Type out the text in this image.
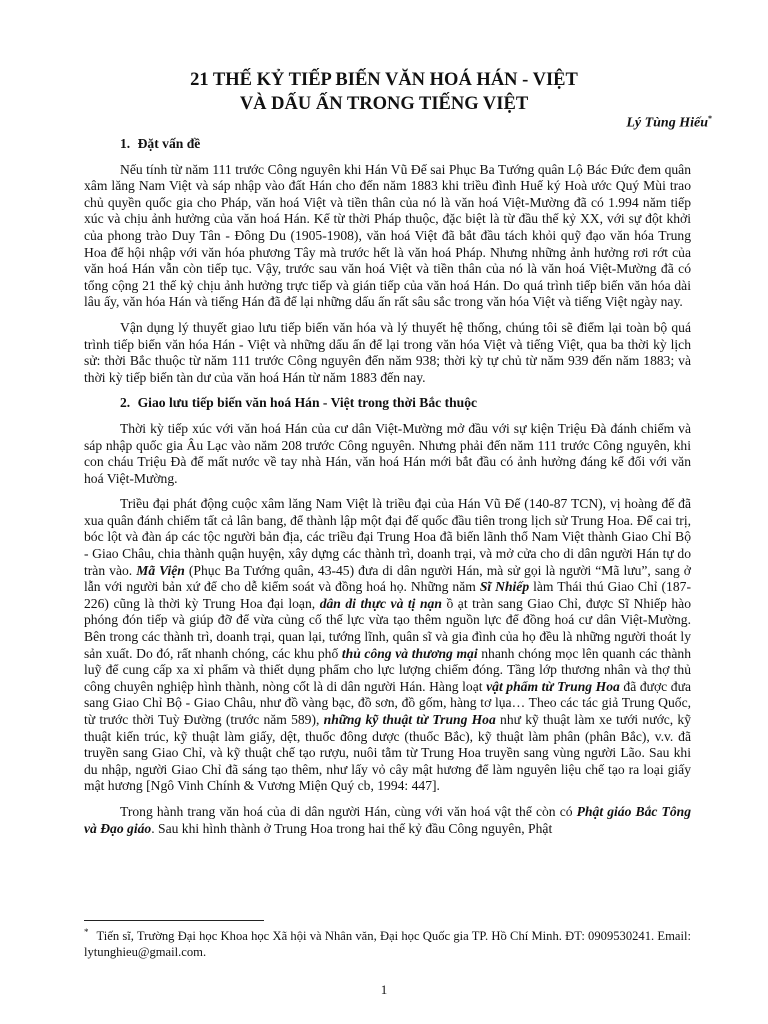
21 THẾ KỶ TIẾP BIẾN VĂN HOÁ HÁN - VIỆT
VÀ DẤU ẤN TRONG TIẾNG VIỆT
Lý Tùng Hiếu*
1. Đặt vấn đề

Nếu tính từ năm 111 trước Công nguyên khi Hán Vũ Đế sai Phục Ba Tướng quân Lộ Bác Đức đem quân xâm lăng Nam Việt và sáp nhập vào đất Hán cho đến năm 1883 khi triều đình Huế ký Hoà ước Quý Mùi trao chủ quyền quốc gia cho Pháp, văn hoá Việt và tiền thân của nó là văn hoá Việt-Mường đã có 1.994 năm tiếp xúc và chịu ảnh hưởng của văn hoá Hán. Kể từ thời Pháp thuộc, đặc biệt là từ đầu thế kỷ XX, với sự đột khởi của phong trào Duy Tân - Đông Du (1905-1908), văn hoá Việt đã bắt đầu tách khỏi quỹ đạo văn hóa Trung Hoa để hội nhập với văn hóa phương Tây mà trước hết là văn hoá Pháp. Nhưng những ảnh hưởng rơi rớt của văn hoá Hán vẫn còn tiếp tục. Vậy, trước sau văn hoá Việt và tiền thân của nó là văn hoá Việt-Mường đã có tổng cộng 21 thế kỷ chịu ảnh hưởng trực tiếp và gián tiếp của văn hoá Hán. Do quá trình tiếp biến văn hóa dài lâu ấy, văn hóa Hán và tiếng Hán đã để lại những dấu ấn rất sâu sắc trong văn hóa Việt và tiếng Việt ngày nay.

Vận dụng lý thuyết giao lưu tiếp biến văn hóa và lý thuyết hệ thống, chúng tôi sẽ điểm lại toàn bộ quá trình tiếp biến văn hóa Hán - Việt và những dấu ấn để lại trong văn hóa Việt và tiếng Việt, qua ba thời kỳ lịch sử: thời Bắc thuộc từ năm 111 trước Công nguyên đến năm 938; thời kỳ tự chủ từ năm 939 đến năm 1883; và thời kỳ tiếp biến tàn dư của văn hoá Hán từ năm 1883 đến nay.

2. Giao lưu tiếp biến văn hoá Hán - Việt trong thời Bắc thuộc

Thời kỳ tiếp xúc với văn hoá Hán của cư dân Việt-Mường mở đầu với sự kiện Triệu Đà đánh chiếm và sáp nhập quốc gia Âu Lạc vào năm 208 trước Công nguyên. Nhưng phải đến năm 111 trước Công nguyên, khi con cháu Triệu Đà để mất nước về tay nhà Hán, văn hoá Hán mới bắt đầu có ảnh hưởng đáng kể đối với văn hoá Việt-Mường.

Triều đại phát động cuộc xâm lăng Nam Việt là triều đại của Hán Vũ Đế (140-87 TCN), vị hoàng đế đã xua quân đánh chiếm tất cả lân bang, để thành lập một đại đế quốc đầu tiên trong lịch sử Trung Hoa. Để cai trị, bóc lột và đàn áp các tộc người bản địa, các triều đại Trung Hoa đã biến lãnh thổ Nam Việt thành Giao Chỉ Bộ - Giao Châu, chia thành quận huyện, xây dựng các thành trì, doanh trại, và mở cửa cho di dân người Hán tự do tràn vào. Mã Viện (Phục Ba Tướng quân, 43-45) đưa di dân người Hán, mà sử gọi là người “Mã lưu”, sang ở lẫn với người bản xứ để cho dễ kiểm soát và đồng hoá họ. Những năm Sĩ Nhiếp làm Thái thú Giao Chỉ (187-226) cũng là thời kỳ Trung Hoa đại loạn, dân di thực và tị nạn ồ ạt tràn sang Giao Chỉ, được Sĩ Nhiếp hào phóng đón tiếp và giúp đỡ để vừa củng cố thế lực vừa tạo thêm nguồn lực để đồng hoá cư dân Việt-Mường. Bên trong các thành trì, doanh trại, quan lại, tướng lĩnh, quân sĩ và gia đình của họ đều là những người thoát ly sản xuất. Do đó, rất nhanh chóng, các khu phố thủ công và thương mại nhanh chóng mọc lên quanh các thành luỹ để cung cấp xa xỉ phẩm và thiết dụng phẩm cho lực lượng chiếm đóng. Tầng lớp thương nhân và thợ thủ công chuyên nghiệp hình thành, nòng cốt là di dân người Hán. Hàng loạt vật phẩm từ Trung Hoa đã được đưa sang Giao Chỉ Bộ - Giao Châu, như đồ vàng bạc, đồ sơn, đồ gốm, hàng tơ lụa… Theo các tác giả Trung Quốc, từ trước thời Tuỳ Đường (trước năm 589), những kỹ thuật từ Trung Hoa như kỹ thuật làm xe tưới nước, kỹ thuật kiến trúc, kỹ thuật làm giấy, dệt, thuốc đông dược (thuốc Bắc), kỹ thuật làm phân (phân Bắc), v.v. đã truyền sang Giao Chỉ, và kỹ thuật chế tạo rượu, nuôi tằm từ Trung Hoa truyền sang vùng người Lão. Sau khi du nhập, người Giao Chỉ đã sáng tạo thêm, như lấy vỏ cây mật hương để làm nguyên liệu chế tạo ra loại giấy mật hương [Ngô Vinh Chính & Vương Miện Quý cb, 1994: 447].

Trong hành trang văn hoá của di dân người Hán, cùng với văn hoá vật thể còn có Phật giáo Bắc Tông và Đạo giáo. Sau khi hình thành ở Trung Hoa trong hai thế kỷ đầu Công nguyên, Phật

* Tiến sĩ, Trường Đại học Khoa học Xã hội và Nhân văn, Đại học Quốc gia TP. Hồ Chí Minh. ĐT: 0909530241. Email: lytunghieu@gmail.com.
1
